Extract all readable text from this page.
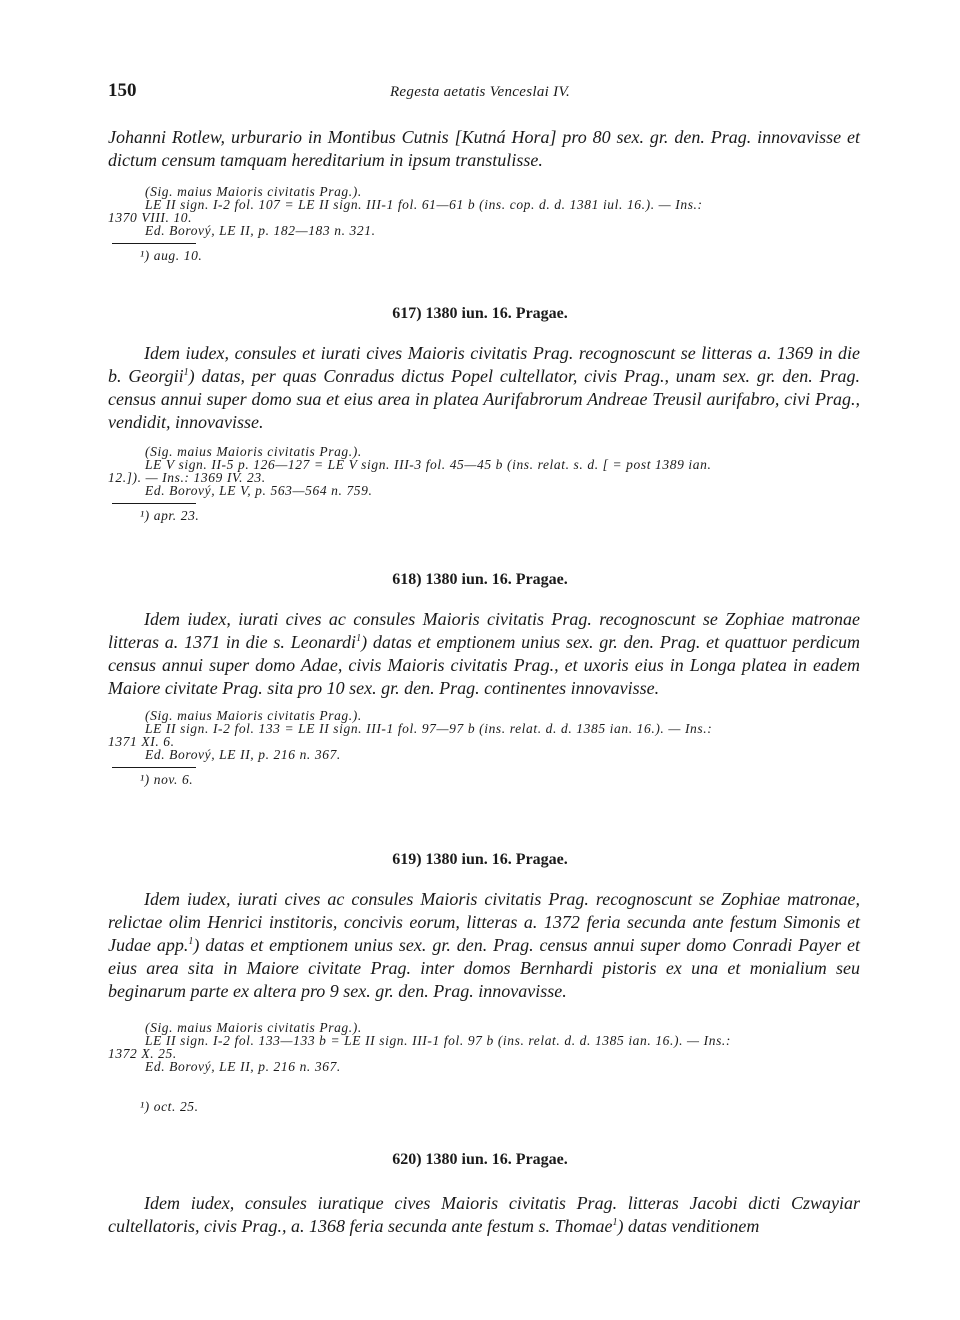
150	Regesta aetatis Venceslai IV.

Johanni Rotlew, urburario in Montibus Cutnis [Kutná Hora] pro 80 sex. gr. den. Prag. innovavisse et dictum censum tamquam hereditarium in ipsum transtulisse.

(Sig. maius Maioris civitatis Prag.).
LE II sign. I-2 fol. 107 = LE II sign. III-1 fol. 61—61 b (ins. cop. d. d. 1381 iul. 16.). — Ins.:
1370 VIII. 10.
Ed. Borový, LE II, p. 182—183 n. 321.

¹) aug. 10.

617) 1380 iun. 16. Pragae.

Idem iudex, consules et iurati cives Maioris civitatis Prag. recognoscunt se litteras a. 1369 in die b. Georgii$^1$) datas, per quas Conradus dictus Popel cultellator, civis Prag., unam sex. gr. den. Prag. census annui super domo sua et eius area in platea Aurifabrorum Andreae Treusil aurifabro, civi Prag., vendidit, innovavisse.

(Sig. maius Maioris civitatis Prag.).
LE V sign. II-5 p. 126—127 = LE V sign. III-3 fol. 45—45 b (ins. relat. s. d. [ = post 1389 ian.
12.]). — Ins.: 1369 IV. 23.
Ed. Borový, LE V, p. 563—564 n. 759.

¹) apr. 23.

618) 1380 iun. 16. Pragae.

Idem iudex, iurati cives ac consules Maioris civitatis Prag. recognoscunt se Zophiae matronae litteras a. 1371 in die s. Leonardi$^1$) datas et emptionem unius sex. gr. den. Prag. et quattuor perdicum census annui super domo Adae, civis Maioris civitatis Prag., et uxoris eius in Longa platea in eadem Maiore civitate Prag. sita pro 10 sex. gr. den. Prag. continentes innovavisse.

(Sig. maius Maioris civitatis Prag.).
LE II sign. I-2 fol. 133 = LE II sign. III-1 fol. 97—97 b (ins. relat. d. d. 1385 ian. 16.). — Ins.:
1371 XI. 6.
Ed. Borový, LE II, p. 216 n. 367.

¹) nov. 6.

619) 1380 iun. 16. Pragae.

Idem iudex, iurati cives ac consules Maioris civitatis Prag. recognoscunt se Zophiae matronae, relictae olim Henrici institoris, concivis eorum, litteras a. 1372 feria secunda ante festum Simonis et Judae app.$^1$) datas et emptionem unius sex. gr. den. Prag. census annui super domo Conradi Payer et eius area sita in Maiore civitate Prag. inter domos Bernhardi pistoris ex una et monialium seu beginarum parte ex altera pro 9 sex. gr. den. Prag. innovavisse.

(Sig. maius Maioris civitatis Prag.).
LE II sign. I-2 fol. 133—133 b = LE II sign. III-1 fol. 97 b (ins. relat. d. d. 1385 ian. 16.). — Ins.:
1372 X. 25.
Ed. Borový, LE II, p. 216 n. 367.

¹) oct. 25.

620) 1380 iun. 16. Pragae.

Idem iudex, consules iuratique cives Maioris civitatis Prag. litteras Jacobi dicti Czwayiar cultellatoris, civis Prag., a. 1368 feria secunda ante festum s. Thomae$^1$) datas venditionem
